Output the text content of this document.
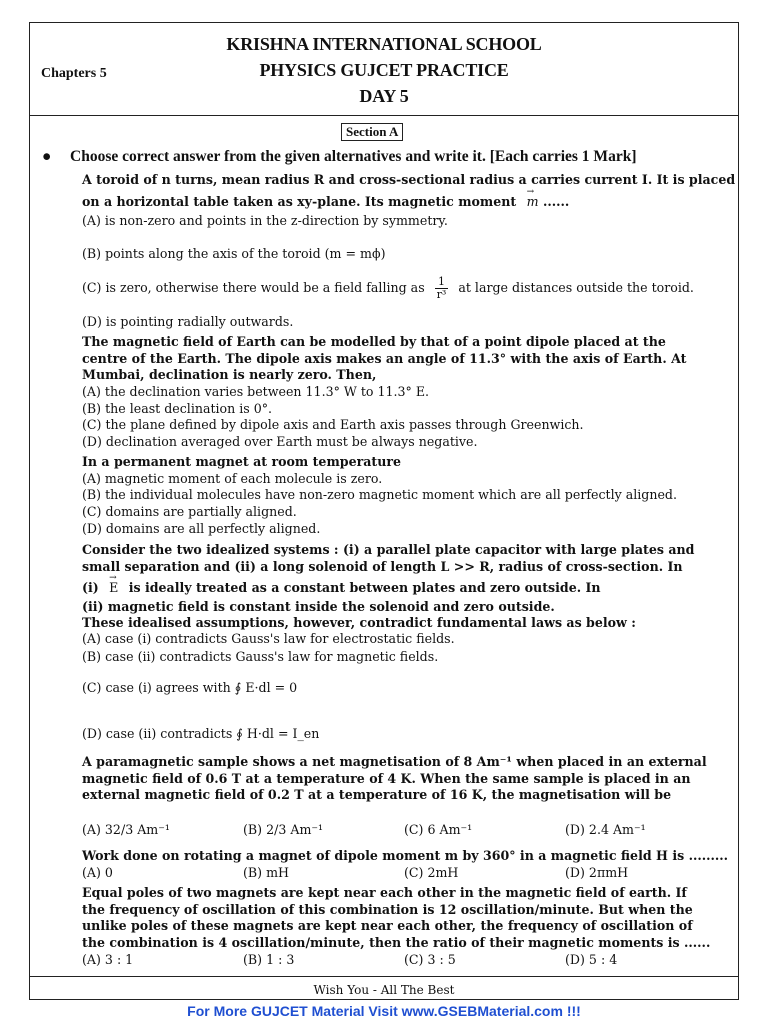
KRISHNA INTERNATIONAL SCHOOL
PHYSICS GUJCET PRACTICE
DAY 5
Chapters 5
Section A
● Choose correct answer from the given alternatives and write it. [Each carries 1 Mark]
A toroid of n turns, mean radius R and cross-sectional radius a carries current I. It is placed
on a horizontal table taken as xy-plane. Its magnetic moment → m ......
(A) is non-zero and points in the z-direction by symmetry.
(B) points along the axis of the toroid (m = mϕ)
(C) is zero, otherwise there would be a field falling as $\frac{1}{\text{r³}}$ at large distances outside the toroid.
(D) is pointing radially outwards.
The magnetic field of Earth can be modelled by that of a point dipole placed at the centre of the Earth. The dipole axis makes an angle of 11.3° with the axis of Earth. At Mumbai, declination is nearly zero. Then,
(A) the declination varies between 11.3° W to 11.3° E.
(B) the least declination is 0°.
(C) the plane defined by dipole axis and Earth axis passes through Greenwich.
(D) declination averaged over Earth must be always negative.
In a permanent magnet at room temperature
(A) magnetic moment of each molecule is zero.
(B) the individual molecules have non-zero magnetic moment which are all perfectly aligned.
(C) domains are partially aligned.
(D) domains are all perfectly aligned.
Consider the two idealized systems : (i) a parallel plate capacitor with large plates and small separation and (ii) a long solenoid of length L >> R, radius of cross-section. In
(i) → E is ideally treated as a constant between plates and zero outside. In
(ii) magnetic field is constant inside the solenoid and zero outside.
These idealised assumptions, however, contradict fundamental laws as below :
(A) case (i) contradicts Gauss's law for electrostatic fields.
(B) case (ii) contradicts Gauss's law for magnetic fields.
(C) case (i) agrees with ∮ E·dl = 0
(D) case (ii) contradicts ∮ H·dl = I_en
A paramagnetic sample shows a net magnetisation of 8 Am⁻¹ when placed in an external magnetic field of 0.6 T at a temperature of 4 K. When the same sample is placed in an external magnetic field of 0.2 T at a temperature of 16 K, the magnetisation will be
(A) 32/3 Am⁻¹	(B) 2/3 Am⁻¹	(C) 6 Am⁻¹	(D) 2.4 Am⁻¹
Work done on rotating a magnet of dipole moment m by 360° in a magnetic field H is .........
(A) 0	(B) mH	(C) 2mH	(D) 2πmH
Equal poles of two magnets are kept near each other in the magnetic field of earth. If the frequency of oscillation of this combination is 12 oscillation/minute. But when the unlike poles of these magnets are kept near each other, the frequency of oscillation of the combination is 4 oscillation/minute, then the ratio of their magnetic moments is ......
(A) 3 : 1	(B) 1 : 3	(C) 3 : 5	(D) 5 : 4
Wish You - All The Best
For More GUJCET Material Visit www.GSEBMaterial.com !!!
